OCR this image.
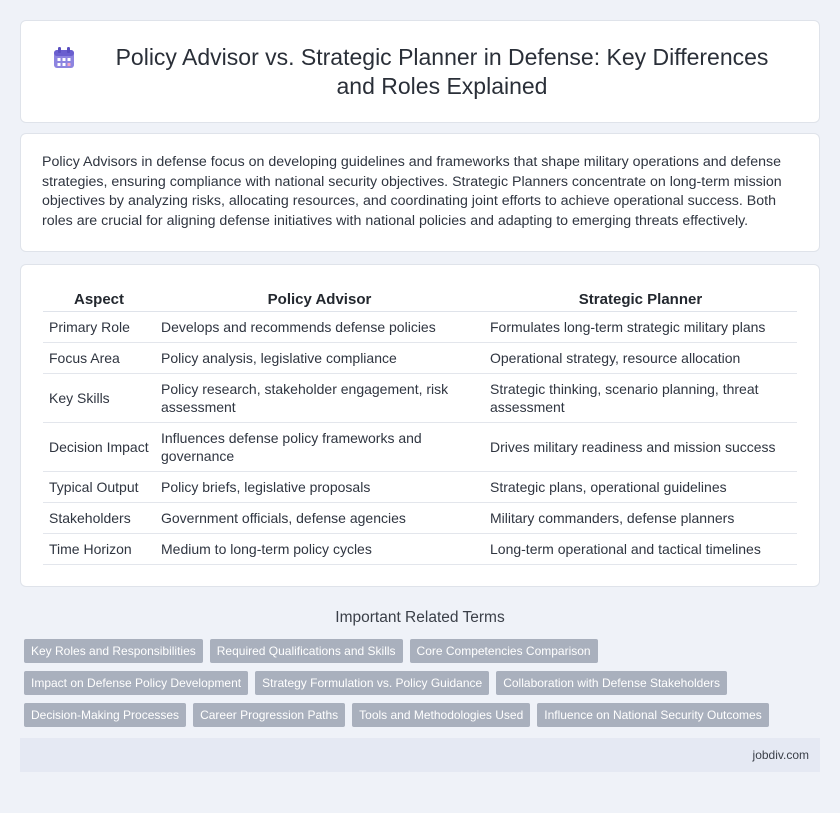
Policy Advisor vs. Strategic Planner in Defense: Key Differences and Roles Explained

Policy Advisors in defense focus on developing guidelines and frameworks that shape military operations and defense strategies, ensuring compliance with national security objectives. Strategic Planners concentrate on long-term mission objectives by analyzing risks, allocating resources, and coordinating joint efforts to achieve operational success. Both roles are crucial for aligning defense initiatives with national policies and adapting to emerging threats effectively.

Aspect	Policy Advisor	Strategic Planner
Primary Role	Develops and recommends defense policies	Formulates long-term strategic military plans
Focus Area	Policy analysis, legislative compliance	Operational strategy, resource allocation
Key Skills	Policy research, stakeholder engagement, risk assessment	Strategic thinking, scenario planning, threat assessment
Decision Impact	Influences defense policy frameworks and governance	Drives military readiness and mission success
Typical Output	Policy briefs, legislative proposals	Strategic plans, operational guidelines
Stakeholders	Government officials, defense agencies	Military commanders, defense planners
Time Horizon	Medium to long-term policy cycles	Long-term operational and tactical timelines
Important Related Terms
Key Roles and Responsibilities	Required Qualifications and Skills	Core Competencies Comparison
Impact on Defense Policy Development	Strategy Formulation vs. Policy Guidance	Collaboration with Defense Stakeholders
Decision-Making Processes	Career Progression Paths	Tools and Methodologies Used	Influence on National Security Outcomes
jobdiv.com
